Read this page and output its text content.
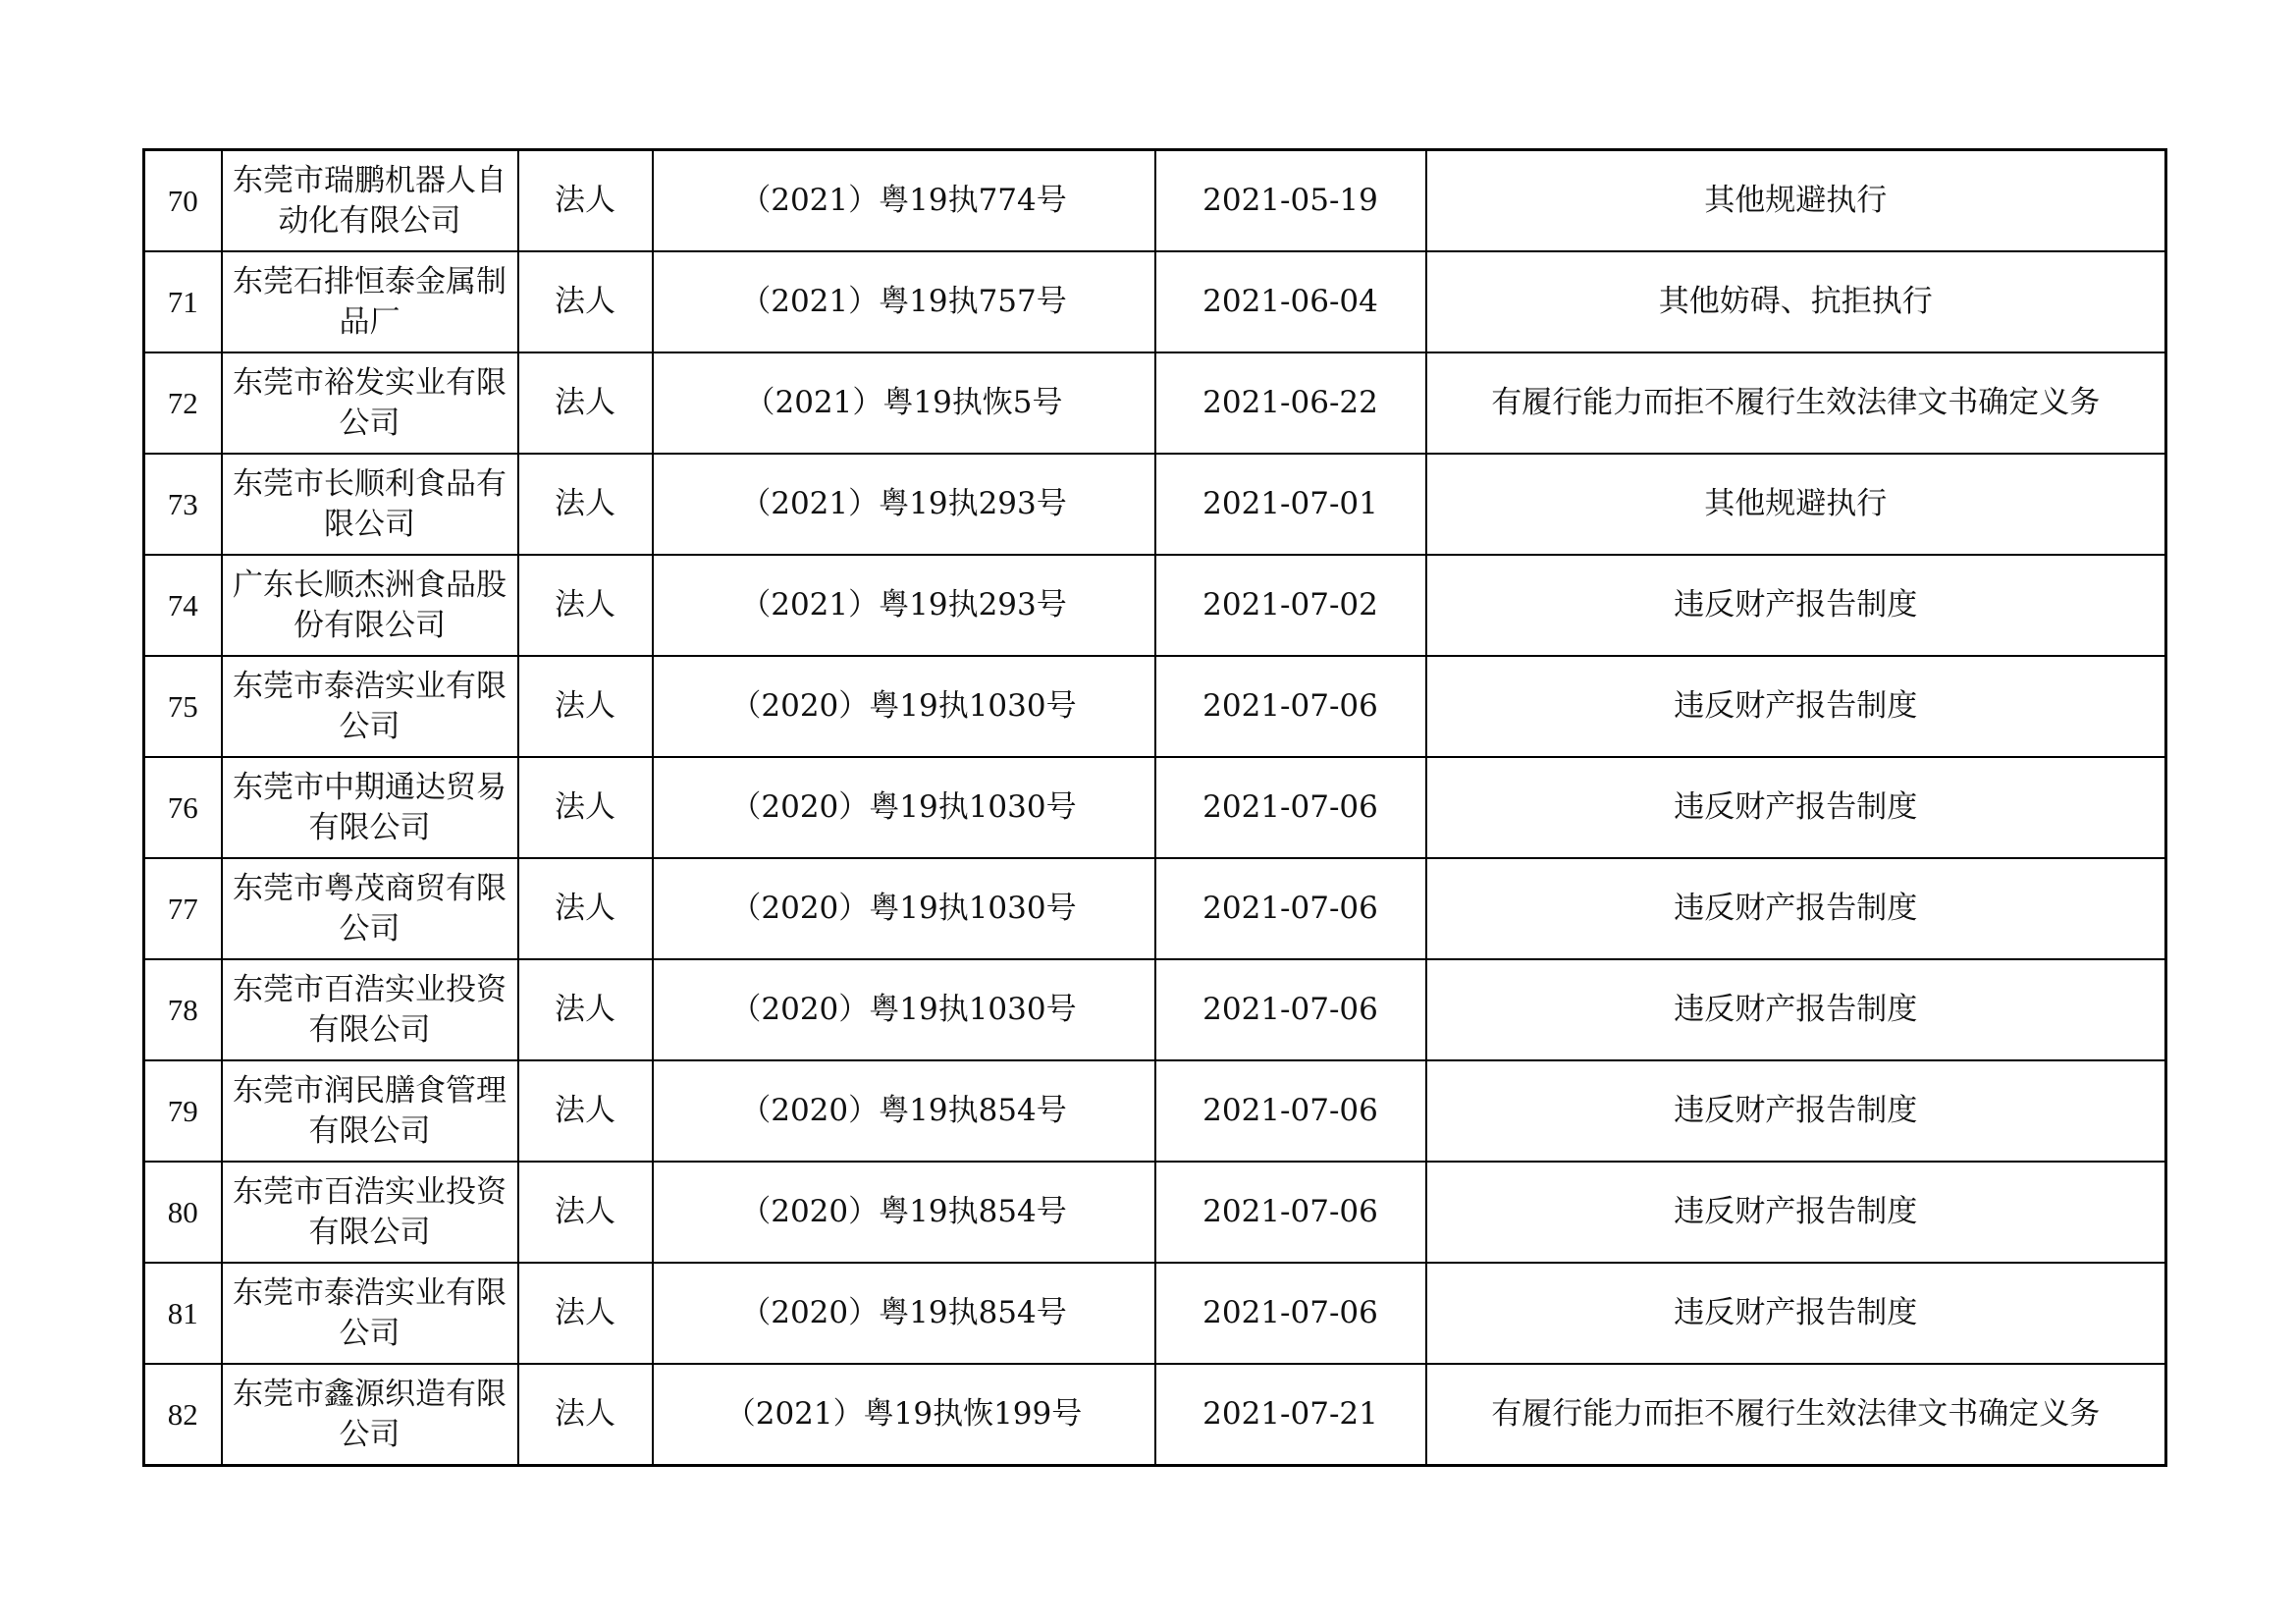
70	东莞市瑞鹏机器人自动化有限公司	法人	（2021）粤19执774号	2021-05-19	其他规避执行
71	东莞石排恒泰金属制品厂	法人	（2021）粤19执757号	2021-06-04	其他妨碍、抗拒执行
72	东莞市裕发实业有限公司	法人	（2021）粤19执恢5号	2021-06-22	有履行能力而拒不履行生效法律文书确定义务
73	东莞市长顺利食品有限公司	法人	（2021）粤19执293号	2021-07-01	其他规避执行
74	广东长顺杰洲食品股份有限公司	法人	（2021）粤19执293号	2021-07-02	违反财产报告制度
75	东莞市泰浩实业有限公司	法人	（2020）粤19执1030号	2021-07-06	违反财产报告制度
76	东莞市中期通达贸易有限公司	法人	（2020）粤19执1030号	2021-07-06	违反财产报告制度
77	东莞市粤茂商贸有限公司	法人	（2020）粤19执1030号	2021-07-06	违反财产报告制度
78	东莞市百浩实业投资有限公司	法人	（2020）粤19执1030号	2021-07-06	违反财产报告制度
79	东莞市润民膳食管理有限公司	法人	（2020）粤19执854号	2021-07-06	违反财产报告制度
80	东莞市百浩实业投资有限公司	法人	（2020）粤19执854号	2021-07-06	违反财产报告制度
81	东莞市泰浩实业有限公司	法人	（2020）粤19执854号	2021-07-06	违反财产报告制度
82	东莞市鑫源织造有限公司	法人	（2021）粤19执恢199号	2021-07-21	有履行能力而拒不履行生效法律文书确定义务
